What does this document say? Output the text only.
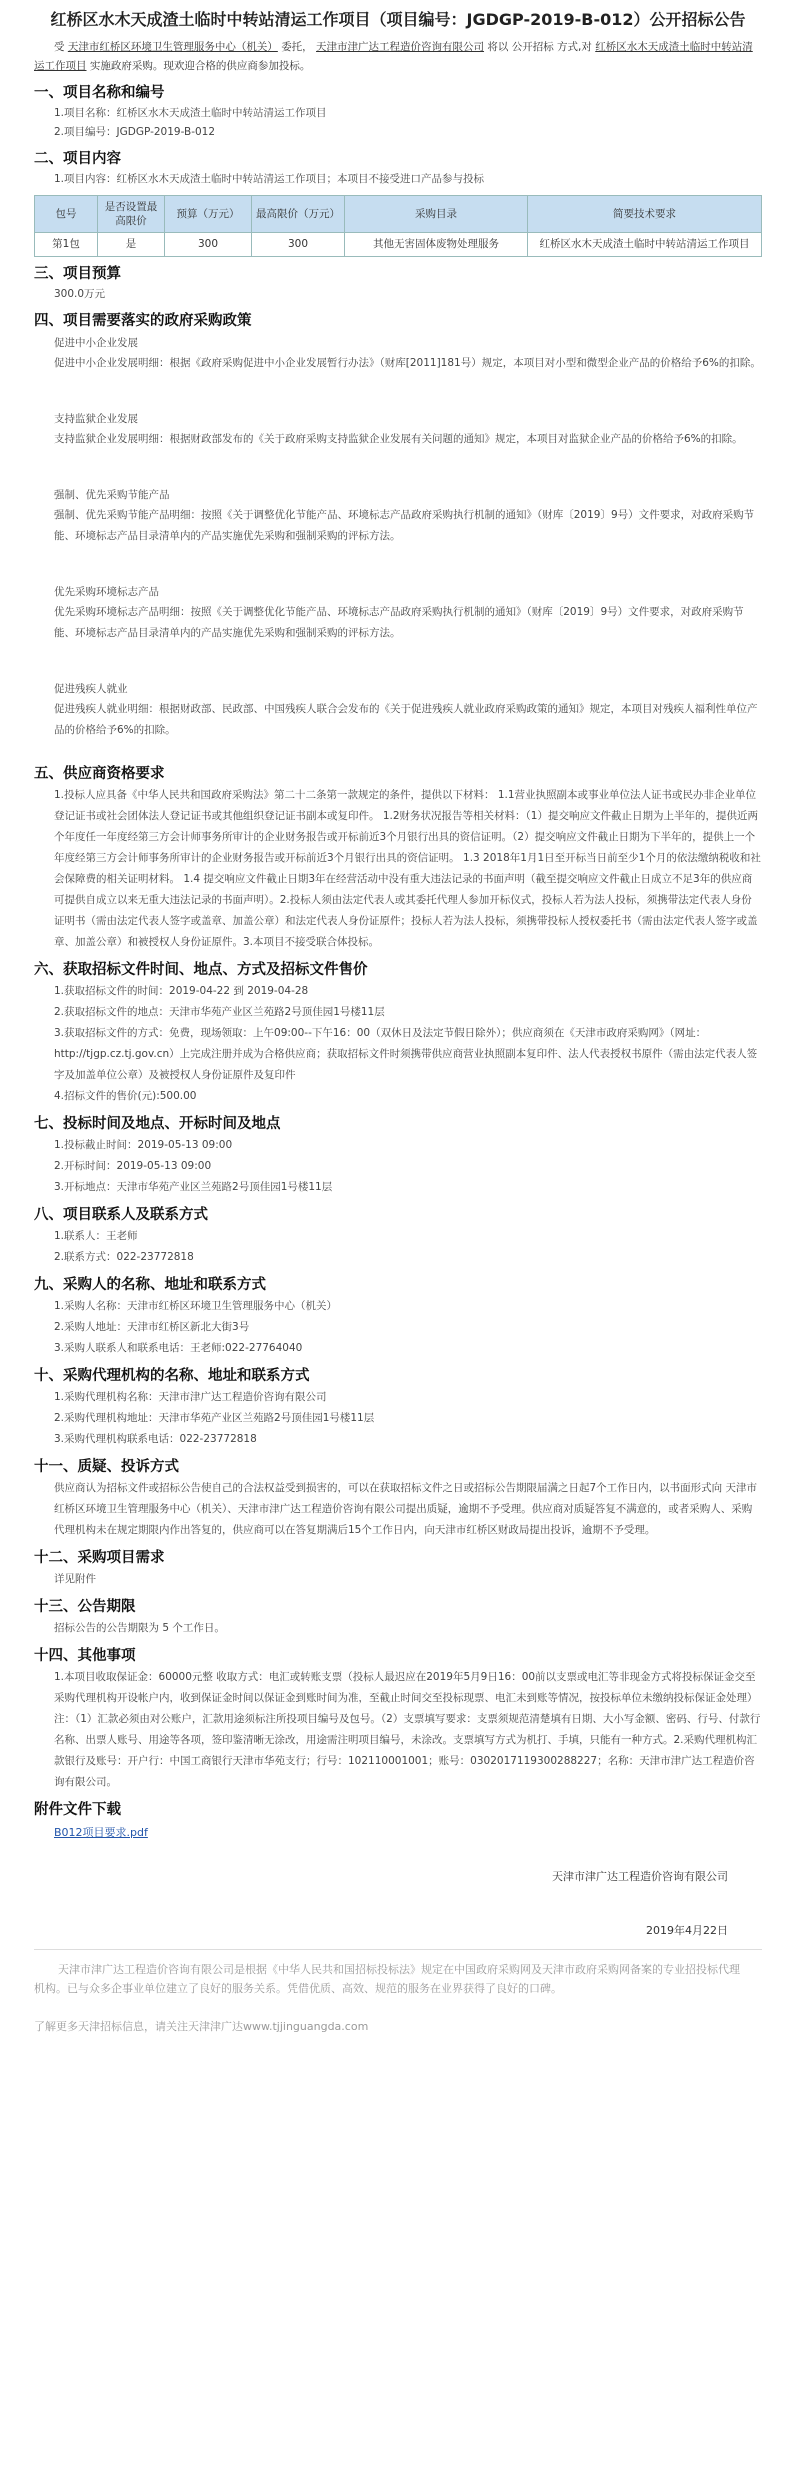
红桥区水木天成渣土临时中转站清运工作项目（项目编号：JGDGP-2019-B-012）公开招标公告

受 天津市红桥区环境卫生管理服务中心（机关） 委托， 天津市津广达工程造价咨询有限公司 将以 公开招标 方式,对 红桥区水木天成渣土临时中转站清运工作项目 实施政府采购。现欢迎合格的供应商参加投标。

一、项目名称和编号

1.项目名称：红桥区水木天成渣土临时中转站清运工作项目

2.项目编号：JGDGP-2019-B-012

二、项目内容

1.项目内容：红桥区水木天成渣土临时中转站清运工作项目；本项目不接受进口产品参与投标

包号	是否设置最高限价	预算（万元）	最高限价（万元）	采购目录	简要技术要求
第1包	是	300	300	其他无害固体废物处理服务	红桥区水木天成渣土临时中转站清运工作项目
三、项目预算

300.0万元

四、项目需要落实的政府采购政策
促进中小企业发展

促进中小企业发展明细：根据《政府采购促进中小企业发展暂行办法》（财库[2011]181号）规定，本项目对小型和微型企业产品的价格给予6%的扣除。

支持监狱企业发展

支持监狱企业发展明细：根据财政部发布的《关于政府采购支持监狱企业发展有关问题的通知》规定，本项目对监狱企业产品的价格给予6%的扣除。

强制、优先采购节能产品

强制、优先采购节能产品明细：按照《关于调整优化节能产品、环境标志产品政府采购执行机制的通知》（财库〔2019〕9号）文件要求，对政府采购节能、环境标志产品目录清单内的产品实施优先采购和强制采购的评标方法。

优先采购环境标志产品

优先采购环境标志产品明细：按照《关于调整优化节能产品、环境标志产品政府采购执行机制的通知》（财库〔2019〕9号）文件要求，对政府采购节能、环境标志产品目录清单内的产品实施优先采购和强制采购的评标方法。

促进残疾人就业

促进残疾人就业明细：根据财政部、民政部、中国残疾人联合会发布的《关于促进残疾人就业政府采购政策的通知》规定，本项目对残疾人福利性单位产品的价格给予6%的扣除。

五、供应商资格要求

1.投标人应具备《中华人民共和国政府采购法》第二十二条第一款规定的条件，提供以下材料： 1.1营业执照副本或事业单位法人证书或民办非企业单位登记证书或社会团体法人登记证书或其他组织登记证书副本或复印件。 1.2财务状况报告等相关材料：（1）提交响应文件截止日期为上半年的，提供近两个年度任一年度经第三方会计师事务所审计的企业财务报告或开标前近3个月银行出具的资信证明。（2）提交响应文件截止日期为下半年的，提供上一个年度经第三方会计师事务所审计的企业财务报告或开标前近3个月银行出具的资信证明。 1.3 2018年1月1日至开标当日前至少1个月的依法缴纳税收和社会保障费的相关证明材料。 1.4 提交响应文件截止日期3年在经营活动中没有重大违法记录的书面声明（截至提交响应文件截止日成立不足3年的供应商可提供自成立以来无重大违法记录的书面声明）。2.投标人须由法定代表人或其委托代理人参加开标仪式，投标人若为法人投标，须携带法定代表人身份证明书（需由法定代表人签字或盖章、加盖公章）和法定代表人身份证原件；投标人若为法人投标，须携带投标人授权委托书（需由法定代表人签字或盖章、加盖公章）和被授权人身份证原件。3.本项目不接受联合体投标。

六、获取招标文件时间、地点、方式及招标文件售价

1.获取招标文件的时间：2019-04-22 到 2019-04-28

2.获取招标文件的地点：天津市华苑产业区兰苑路2号顶佳园1号楼11层

3.获取招标文件的方式：免费，现场领取：上午09:00--下午16：00（双休日及法定节假日除外）；供应商须在《天津市政府采购网》（网址：http://tjgp.cz.tj.gov.cn）上完成注册并成为合格供应商；获取招标文件时须携带供应商营业执照副本复印件、法人代表授权书原件（需由法定代表人签字及加盖单位公章）及被授权人身份证原件及复印件

4.招标文件的售价(元):500.00

七、投标时间及地点、开标时间及地点

1.投标截止时间：2019-05-13 09:00

2.开标时间：2019-05-13 09:00

3.开标地点：天津市华苑产业区兰苑路2号顶佳园1号楼11层

八、项目联系人及联系方式

1.联系人：王老师

2.联系方式：022-23772818

九、采购人的名称、地址和联系方式

1.采购人名称：天津市红桥区环境卫生管理服务中心（机关）

2.采购人地址：天津市红桥区新北大街3号

3.采购人联系人和联系电话：王老师:022-27764040

十、采购代理机构的名称、地址和联系方式

1.采购代理机构名称：天津市津广达工程造价咨询有限公司

2.采购代理机构地址：天津市华苑产业区兰苑路2号顶佳园1号楼11层

3.采购代理机构联系电话：022-23772818

十一、质疑、投诉方式

供应商认为招标文件或招标公告使自己的合法权益受到损害的，可以在获取招标文件之日或招标公告期限届满之日起7个工作日内，以书面形式向 天津市红桥区环境卫生管理服务中心（机关）、天津市津广达工程造价咨询有限公司提出质疑，逾期不予受理。供应商对质疑答复不满意的，或者采购人、采购代理机构未在规定期限内作出答复的，供应商可以在答复期满后15个工作日内，向天津市红桥区财政局提出投诉，逾期不予受理。

十二、采购项目需求

详见附件

十三、公告期限

招标公告的公告期限为 5 个工作日。

十四、其他事项

1.本项目收取保证金：60000元整 收取方式：电汇或转账支票（投标人最迟应在2019年5月9日16：00前以支票或电汇等非现金方式将投标保证金交至采购代理机构开设帐户内，收到保证金时间以保证金到账时间为准，至截止时间交至投标现票、电汇未到账等情况，按投标单位未缴纳投标保证金处理）注：（1）汇款必须由对公账户，汇款用途须标注所投项目编号及包号。（2）支票填写要求：支票须规范清楚填有日期、大小写金额、密码、行号、付款行名称、出票人账号、用途等各项，签印鉴清晰无涂改，用途需注明项目编号，未涂改。支票填写方式为机打、手填，只能有一种方式。2.采购代理机构汇款银行及账号：开户行：中国工商银行天津市华苑支行；行号：102110001001；账号：0302017119300288227；名称：天津市津广达工程造价咨询有限公司。

附件文件下载
B012项目要求.pdf
天津市津广达工程造价咨询有限公司
2019年4月22日

天津市津广达工程造价咨询有限公司是根据《中华人民共和国招标投标法》规定在中国政府采购网及天津市政府采购网备案的专业招投标代理机构。已与众多企事业单位建立了良好的服务关系。凭借优质、高效、规范的服务在业界获得了良好的口碑。

了解更多天津招标信息，请关注天津津广达www.tjjinguangda.com
